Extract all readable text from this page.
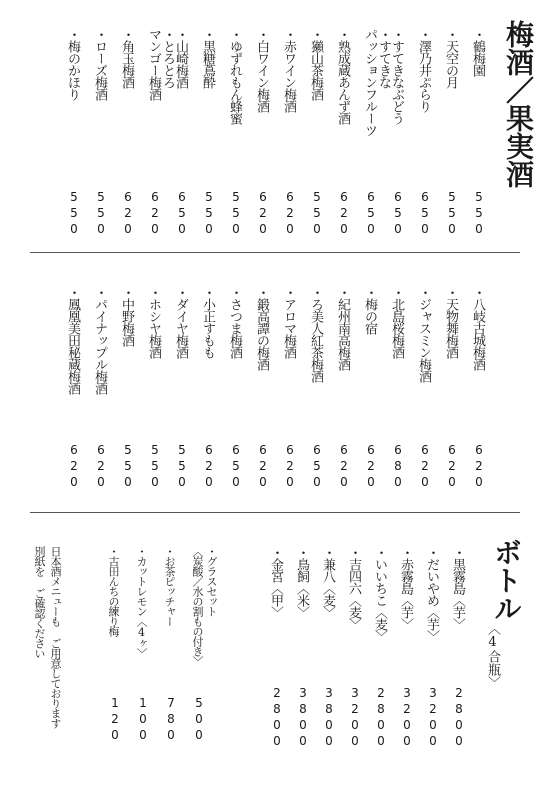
梅酒／果実酒
・鶴梅園
550
・天空の月
550
・澤乃井ぷらり
650
・すてきなぶどう
650
・すてきな
パッションフルーツ
650
・熟成蔵あんず酒
620
・獺山茶梅酒
550
・赤ワイン梅酒
620
・白ワイン梅酒
620
・ゆずれもん蜂蜜
550
・黒糖蔦酔
550
・山崎梅酒
650
・とろとろ
マンゴー梅酒
620
・角玉梅酒
620
・ローズ梅酒
550
・梅のかほり
550
・八岐古城梅酒
620
・天物舞梅酒
620
・ジャスミン梅酒
620
・北島桜梅酒
680
・梅の宿
620
・紀州南高梅酒
620
・ろ美人紅茶梅酒
650
・アロマ梅酒
620
・鍛高譚の梅酒
620
・さつま梅酒
650
・小正すもも
620
・ダイヤ梅酒
550
・ホシヤ梅酒
550
・中野梅酒
550
・パイナップル梅酒
620
・鳳凰美田秘蔵梅酒
620
ボトル
〈4合瓶〉
・黒霧島〈芋〉
2800
・だいやめ〈芋〉
3200
・赤霧島〈芋〉
3200
・いいちこ〈麦〉
2800
・吉四六〈麦〉
3200
・兼八〈麦〉
3800
・鳥飼〈米〉
3800
・金宮〈甲〉
2800
・グラスセット
〈炭酸／水の割もの付き〉
500
・お茶ピッチャー
780
・カットレモン〈4ヶ〉
100
・古田んちの練り梅
120
日本酒メニューも ご用意しております
別紙を ご確認ください
